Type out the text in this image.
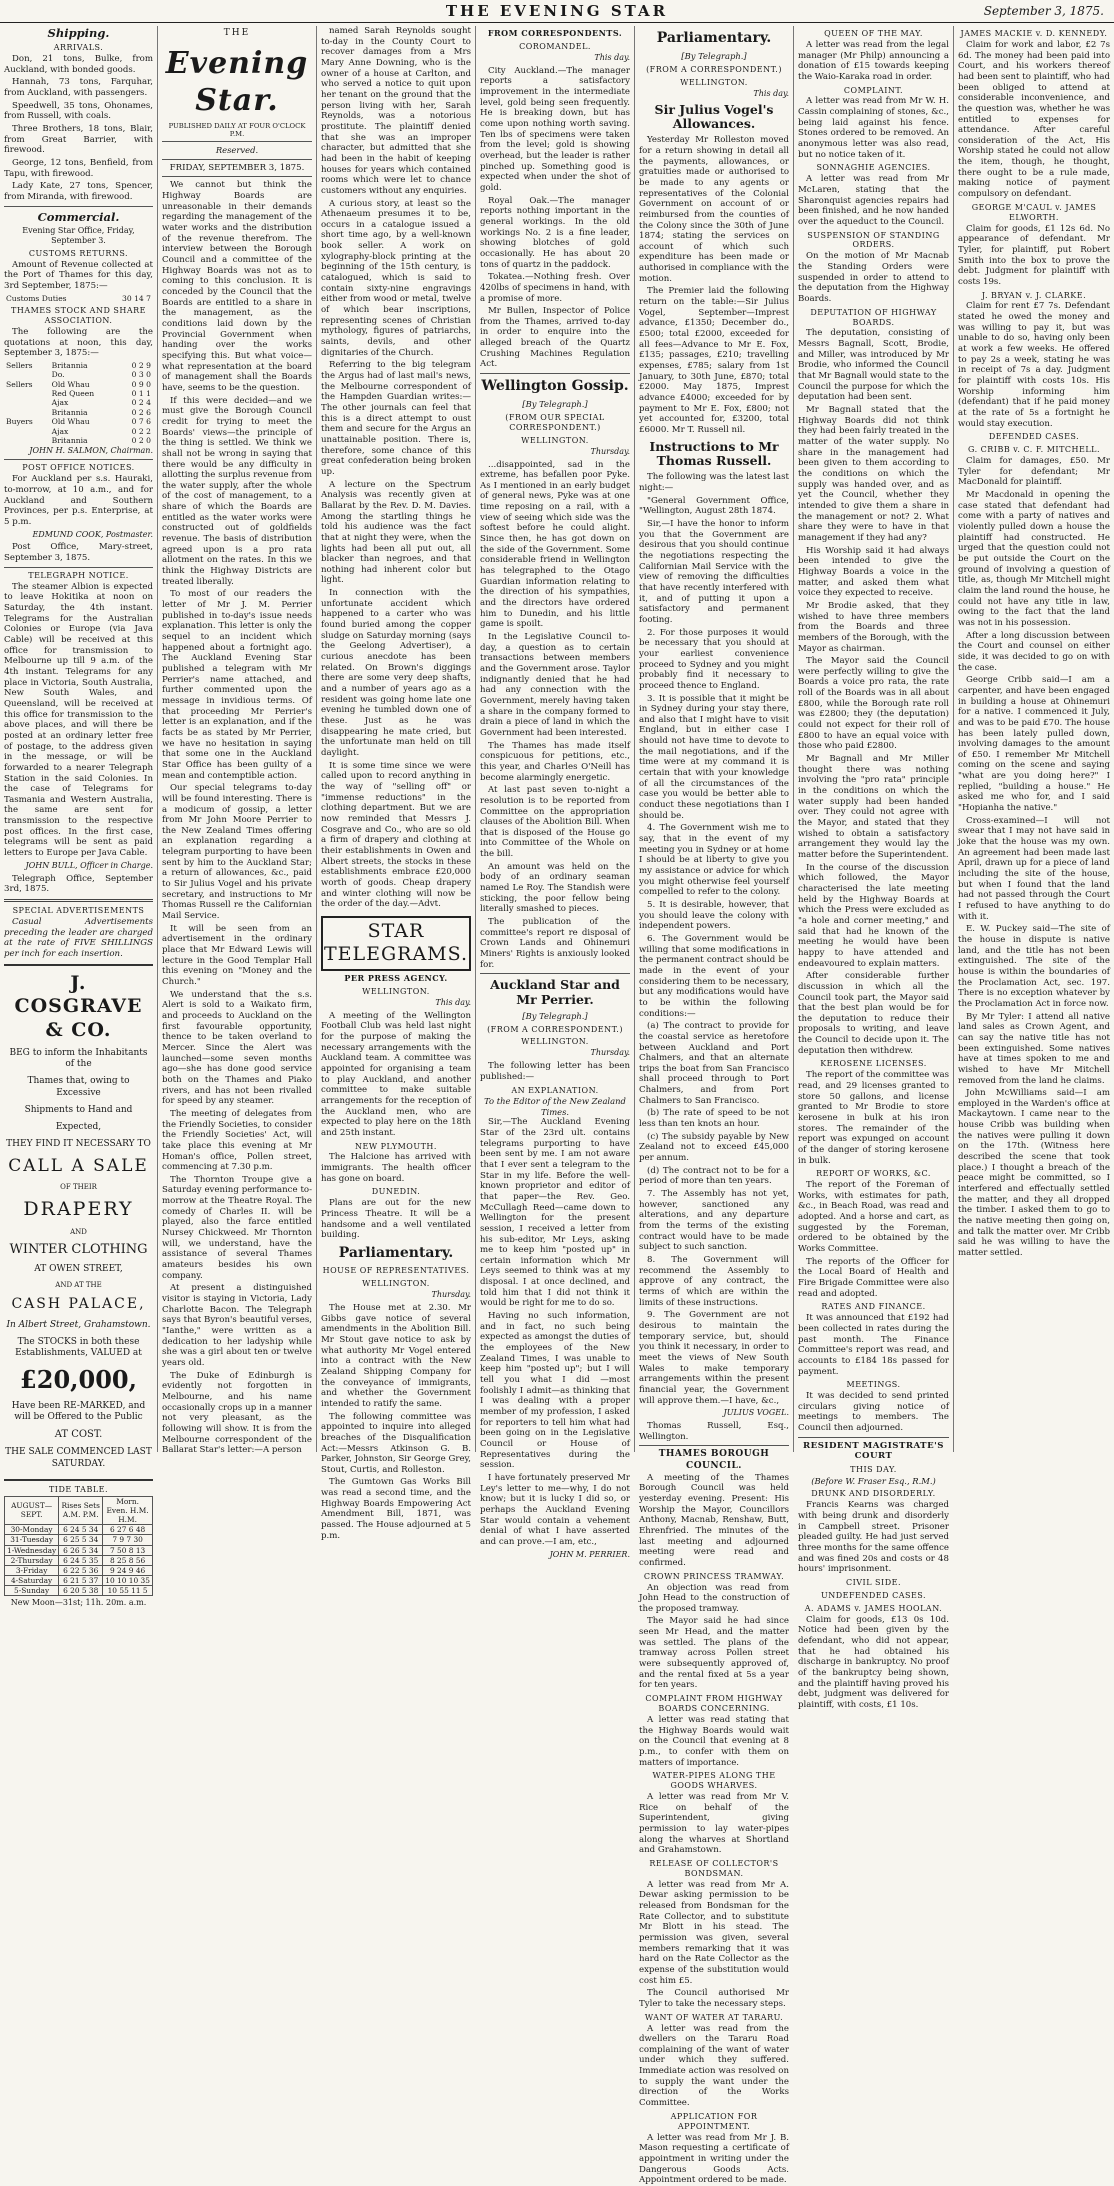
THE EVENING STAR	September 3, 1875.
Shipping.
ARRIVALS.
Don, 21 tons, Bulke, from Auckland, with bonded goods.
Hannah, 73 tons, Farquhar, from Auckland, with passengers.
Speedwell, 35 tons, Ohonames, from Russell, with coals.
Three Brothers, 18 tons, Blair, from Great Barrier, with firewood.
George, 12 tons, Benfield, from Tapu, with firewood.
Lady Kate, 27 tons, Spencer, from Miranda, with firewood.
Commercial.
Evening Star Office, Friday, September 3.
CUSTOMS RETURNS.
Amount of Revenue collected at the Port of Thames for this day, 3rd September, 1875:—
Customs Duties	30 14 7
THAMES STOCK AND SHARE ASSOCIATION.
The following are the quotations at noon, this day, September 3, 1875:—
Sellers	Britannia	0 2 9
	Do.	0 3 0
Sellers	Old Whau	0 9 0
	Red Queen	0 1 1
	Ajax	0 2 4
	Britannia	0 2 6
Buyers	Old Whau	0 7 6
	Ajax	0 2 2
	Britannia	0 2 0
JOHN H. SALMON, Chairman.
POST OFFICE NOTICES.
For Auckland per s.s. Hauraki, to-morrow, at 10 a.m., and for Auckland and Southern Provinces, per p.s. Enterprise, at 5 p.m.
EDMUND COOK, Postmaster.
Post Office, Mary-street, September 3, 1875.
TELEGRAPH NOTICE.
The steamer Albion is expected to leave Hokitika at noon on Saturday, the 4th instant. Telegrams for the Australian Colonies or Europe (via Java Cable) will be received at this office for transmission to Melbourne up till 9 a.m. of the 4th instant. Telegrams for any place in Victoria, South Australia, New South Wales, and Queensland, will be received at this office for transmission to the above places, and will there be posted at an ordinary letter free of postage, to the address given in the message, or will be forwarded to a nearer Telegraph Station in the said Colonies. In the case of Telegrams for Tasmania and Western Australia, the same are sent for transmission to the respective post offices. In the first case, telegrams will be sent as paid letters to Europe per Java Cable.
JOHN BULL, Officer in Charge.
Telegraph Office, September 3rd, 1875.
SPECIAL ADVERTISEMENTS
Casual Advertisements preceding the leader are charged at the rate of FIVE SHILLINGS per inch for each insertion.
J. COSGRAVE & CO.
BEG to inform the Inhabitants of the
Thames that, owing to Excessive
Shipments to Hand and
Expected,
THEY FIND IT NECESSARY TO
CALL A SALE
OF THEIR
DRAPERY
AND
WINTER CLOTHING
AT OWEN STREET,
AND AT THE
CASH PALACE,
In Albert Street, Grahamstown.
The STOCKS in both these Establishments, VALUED at
£20,000,
Have been RE-MARKED, and will be Offered to the Public
AT COST.
THE SALE COMMENCED LAST SATURDAY.
TIDE TABLE.
AUGUST—SEPT.	Rises Sets A.M. P.M.	Morn. Even. H.M. H.M.
30-Monday	6 24 5 34	6 27 6 48
31-Tuesday	6 25 5 34	7 9 7 30
1-Wednesday	6 26 5 34	7 50 8 13
2-Thursday	6 24 5 35	8 25 8 56
3-Friday	6 22 5 36	9 24 9 46
4-Saturday	6 21 5 37	10 10 10 35
5-Sunday	6 20 5 38	10 55 11 5
New Moon—31st; 11h. 20m. a.m.
THE
Evening Star.
PUBLISHED DAILY AT FOUR O'CLOCK P.M.
Reserved.
FRIDAY, SEPTEMBER 3, 1875.

We cannot but think the Highway Boards are unreasonable in their demands regarding the management of the water works and the distribution of the revenue therefrom. The interview between the Borough Council and a committee of the Highway Boards was not as to coming to this conclusion. It is conceded by the Council that the Boards are entitled to a share in the management, as the conditions laid down by the Provincial Government when handing over the works specifying this. But what voice—what representation at the board of management shall the Boards have, seems to be the question.

If this were decided—and we must give the Borough Council credit for trying to meet the Boards' views—the principle of the thing is settled. We think we shall not be wrong in saying that there would be any difficulty in allotting the surplus revenue from the water supply, after the whole of the cost of management, to a share of which the Boards are entitled as the water works were constructed out of goldfields revenue. The basis of distribution agreed upon is a pro rata allotment on the rates. In this we think the Highway Districts are treated liberally.

To most of our readers the letter of Mr J. M. Perrier published in to-day's issue needs explanation. This letter is only the sequel to an incident which happened about a fortnight ago. The Auckland Evening Star published a telegram with Mr Perrier's name attached, and further commented upon the message in invidious terms. Of that proceeding Mr Perrier's letter is an explanation, and if the facts be as stated by Mr Perrier, we have no hesitation in saying that some one in the Auckland Star Office has been guilty of a mean and contemptible action.

Our special telegrams to-day will be found interesting. There is a modicum of gossip, a letter from Mr John Moore Perrier to the New Zealand Times offering an explanation regarding a telegram purporting to have been sent by him to the Auckland Star; a return of allowances, &c., paid to Sir Julius Vogel and his private secretary, and instructions to Mr Thomas Russell re the Californian Mail Service.

It will be seen from an advertisement in the ordinary place that Mr Edward Lewis will lecture in the Good Templar Hall this evening on "Money and the Church."

We understand that the s.s. Alert is sold to a Waikato firm, and proceeds to Auckland on the first favourable opportunity, thence to be taken overland to Mercer. Since the Alert was launched—some seven months ago—she has done good service both on the Thames and Piako rivers, and has not been rivalled for speed by any steamer.

The meeting of delegates from the Friendly Societies, to consider the Friendly Societies' Act, will take place this evening at Mr Homan's office, Pollen street, commencing at 7.30 p.m.

The Thornton Troupe give a Saturday evening performance to-morrow at the Theatre Royal. The comedy of Charles II. will be played, also the farce entitled Nursey Chickweed. Mr Thornton will, we understand, have the assistance of several Thames amateurs besides his own company.

At present a distinguished visitor is staying in Victoria, Lady Charlotte Bacon. The Telegraph says that Byron's beautiful verses, "Ianthe," were written as a dedication to her ladyship while she was a girl about ten or twelve years old.

The Duke of Edinburgh is evidently not forgotten in Melbourne, and his name occasionally crops up in a manner not very pleasant, as the following will show. It is from the Melbourne correspondent of the Ballarat Star's letter:—A person

named Sarah Reynolds sought to-day in the County Court to recover damages from a Mrs Mary Anne Downing, who is the owner of a house at Carlton, and who served a notice to quit upon her tenant on the ground that the person living with her, Sarah Reynolds, was a notorious prostitute. The plaintiff denied that she was an improper character, but admitted that she had been in the habit of keeping houses for years which contained rooms which were let to chance customers without any enquiries.

A curious story, at least so the Athenaeum presumes it to be, occurs in a catalogue issued a short time ago, by a well-known book seller. A work on xylography-block printing at the beginning of the 15th century, is catalogued, which is said to contain sixty-nine engravings either from wood or metal, twelve of which bear inscriptions, representing scenes of Christian mythology, figures of patriarchs, saints, devils, and other dignitaries of the Church.

Referring to the big telegram the Argus had of last mail's news, the Melbourne correspondent of the Hampden Guardian writes:—The other journals can feel that this is a direct attempt to oust them and secure for the Argus an unattainable position. There is, therefore, some chance of this great confederation being broken up.

A lecture on the Spectrum Analysis was recently given at Ballarat by the Rev. D. M. Davies. Among the startling things he told his audience was the fact that at night they were, when the lights had been all put out, all blacker than negroes, and that nothing had inherent color but light.

In connection with the unfortunate accident which happened to a carter who was found buried among the copper sludge on Saturday morning (says the Geelong Advertiser), a curious anecdote has been related. On Brown's diggings there are some very deep shafts, and a number of years ago as a resident was going home late one evening he tumbled down one of these. Just as he was disappearing he mate cried, but the unfortunate man held on till daylight.

It is some time since we were called upon to record anything in the way of "selling off" or "immense reductions" in the clothing department. But we are now reminded that Messrs J. Cosgrave and Co., who are so old a firm of drapery and clothing at their establishments in Owen and Albert streets, the stocks in these establishments embrace £20,000 worth of goods. Cheap drapery and winter clothing will now be the order of the day.—Advt.

STAR TELEGRAMS.
PER PRESS AGENCY.
WELLINGTON.
This day.

A meeting of the Wellington Football Club was held last night for the purpose of making the necessary arrangements with the Auckland team. A committee was appointed for organising a team to play Auckland, and another committee to make suitable arrangements for the reception of the Auckland men, who are expected to play here on the 18th and 25th instant.

NEW PLYMOUTH.

The Halcione has arrived with immigrants. The health officer has gone on board.

DUNEDIN.

Plans are out for the new Princess Theatre. It will be a handsome and a well ventilated building.

Parliamentary.
HOUSE OF REPRESENTATIVES.
WELLINGTON.
Thursday.

The House met at 2.30. Mr Gibbs gave notice of several amendments in the Abolition Bill. Mr Stout gave notice to ask by what authority Mr Vogel entered into a contract with the New Zealand Shipping Company for the conveyance of immigrants, and whether the Government intended to ratify the same.

The following committee was appointed to inquire into alleged breaches of the Disqualification Act:—Messrs Atkinson G. B. Parker, Johnston, Sir George Grey, Stout, Curtis, and Rolleston.

The Gumtown Gas Works Bill was read a second time, and the Highway Boards Empowering Act Amendment Bill, 1871, was passed. The House adjourned at 5 p.m.

FROM CORRESPONDENTS.
COROMANDEL.
This day.

City Auckland.—The manager reports a satisfactory improvement in the intermediate level, gold being seen frequently. He is breaking down, but has come upon nothing worth saving. Ten lbs of specimens were taken from the level; gold is showing overhead, but the leader is rather pinched up. Something good is expected when under the shot of gold.

Royal Oak.—The manager reports nothing important in the general workings. In the old workings No. 2 is a fine leader, showing blotches of gold occasionally. He has about 20 tons of quartz in the paddock.

Tokatea.—Nothing fresh. Over 420lbs of specimens in hand, with a promise of more.

Mr Bullen, Inspector of Police from the Thames, arrived to-day in order to enquire into the alleged breach of the Quartz Crushing Machines Regulation Act.

Wellington Gossip.
[By Telegraph.]
(FROM OUR SPECIAL CORRESPONDENT.)
WELLINGTON.
Thursday.

...disappointed, sad in the extreme, has befallen poor Pyke. As I mentioned in an early budget of general news, Pyke was at one time reposing on a rail, with a view of seeing which side was the softest before he could alight. Since then, he has got down on the side of the Government. Some considerable friend in Wellington has telegraphed to the Otago Guardian information relating to the direction of his sympathies, and the directors have ordered him to Dunedin, and his little game is spoilt.

In the Legislative Council to-day, a question as to certain transactions between members and the Government arose. Taylor indignantly denied that he had had any connection with the Government, merely having taken a share in the company formed to drain a piece of land in which the Government had been interested.

The Thames has made itself conspicuous for petitions, etc., this year, and Charles O'Neill has become alarmingly energetic.

At last past seven to-night a resolution is to be reported from Committee on the appropriation clauses of the Abolition Bill. When that is disposed of the House go into Committee of the Whole on the bill.

An amount was held on the body of an ordinary seaman named Le Roy. The Standish were sticking, the poor fellow being literally smashed to pieces.

The publication of the committee's report re disposal of Crown Lands and Ohinemuri Miners' Rights is anxiously looked for.

Auckland Star and Mr Perrier.
[By Telegraph.]
(FROM A CORRESPONDENT.)
WELLINGTON.
Thursday.

The following letter has been published:—

AN EXPLANATION.
To the Editor of the New Zealand Times.

Sir,—The Auckland Evening Star of the 23rd ult. contains telegrams purporting to have been sent by me. I am not aware that I ever sent a telegram to the Star in my life. Before the well-known proprietor and editor of that paper—the Rev. Geo. McCullagh Reed—came down to Wellington for the present session, I received a letter from his sub-editor, Mr Leys, asking me to keep him "posted up" in certain information which Mr Leys seemed to think was at my disposal. I at once declined, and told him that I did not think it would be right for me to do so.

Having no such information, and in fact, no such being expected as amongst the duties of the employees of the New Zealand Times, I was unable to keep him "posted up"; but I will tell you what I did —most foolishly I admit—as thinking that I was dealing with a proper member of my profession, I asked for reporters to tell him what had been going on in the Legislative Council or House of Representatives during the session.

I have fortunately preserved Mr Ley's letter to me—why, I do not know; but it is lucky I did so, or perhaps the Auckland Evening Star would contain a vehement denial of what I have asserted and can prove.—I am, etc.,

JOHN M. PERRIER.
Parliamentary.
[By Telegraph.]
(FROM A CORRESPONDENT.)
WELLINGTON.
This day.
Sir Julius Vogel's Allowances.

Yesterday Mr Rolleston moved for a return showing in detail all the payments, allowances, or gratuities made or authorised to be made to any agents or representatives of the Colonial Government on account of or reimbursed from the counties of the Colony since the 30th of June 1874; stating the services on account of which such expenditure has been made or authorised in compliance with the motion.

The Premier laid the following return on the table:—Sir Julius Vogel, September—Imprest advance, £1350; December do., £500; total £2000, exceeded for all fees—Advance to Mr E. Fox, £135; passages, £210; travelling expenses, £785; salary from 1st January, to 30th June, £870; total £2000. May 1875, Imprest advance £4000; exceeded for by payment to Mr E. Fox, £800; not yet accounted for, £3200, total £6000. Mr T. Russell nil.

Instructions to Mr Thomas Russell.

The following was the latest last night:—

"General Government Office, "Wellington, August 28th 1874.

Sir,—I have the honor to inform you that the Government are desirous that you should continue the negotiations respecting the Californian Mail Service with the view of removing the difficulties that have recently interfered with it, and of putting it upon a satisfactory and permanent footing.

2. For those purposes it would be necessary that you should at your earliest convenience proceed to Sydney and you might probably find it necessary to proceed thence to England.

3. It is possible that it might be in Sydney during your stay there, and also that I might have to visit England, but in either case I should not have time to devote to the mail negotiations, and if the time were at my command it is certain that with your knowledge of all the circumstances of the case you would be better able to conduct these negotiations than I should be.

4. The Government wish me to say, that in the event of my meeting you in Sydney or at home I should be at liberty to give you my assistance or advice for which you might otherwise feel yourself compelled to refer to the colony.

5. It is desirable, however, that you should leave the colony with independent powers.

6. The Government would be willing that some modifications in the permanent contract should be made in the event of your considering them to be necessary, but any modifications would have to be within the following conditions:—

(a) The contract to provide for the coastal service as heretofore between Auckland and Port Chalmers, and that an alternate trips the boat from San Francisco shall proceed through to Port Chalmers, and from Port Chalmers to San Francisco.

(b) The rate of speed to be not less than ten knots an hour.

(c) The subsidy payable by New Zealand not to exceed £45,000 per annum.

(d) The contract not to be for a period of more than ten years.

7. The Assembly has not yet, however, sanctioned any alterations, and any departure from the terms of the existing contract would have to be made subject to such sanction.

8. The Government will recommend the Assembly to approve of any contract, the terms of which are within the limits of these instructions.

9. The Government are not desirous to maintain the temporary service, but, should you think it necessary, in order to meet the views of New South Wales to make temporary arrangements within the present financial year, the Government will approve them.—I have, &c.,

JULIUS VOGEL.

Thomas Russell, Esq., Wellington.

THAMES BOROUGH COUNCIL.

A meeting of the Thames Borough Council was held yesterday evening. Present: His Worship the Mayor, Councillors Anthony, Macnab, Renshaw, Butt, Ehrenfried. The minutes of the last meeting and adjourned meeting were read and confirmed.

CROWN PRINCESS TRAMWAY.

An objection was read from John Head to the construction of the proposed tramway.

The Mayor said he had since seen Mr Head, and the matter was settled. The plans of the tramway across Pollen street were subsequently approved of, and the rental fixed at 5s a year for ten years.

COMPLAINT FROM HIGHWAY BOARDS CONCERNING.

A letter was read stating that the Highway Boards would wait on the Council that evening at 8 p.m., to confer with them on matters of importance.

WATER-PIPES ALONG THE GOODS WHARVES.

A letter was read from Mr V. Rice on behalf of the Superintendent, giving permission to lay water-pipes along the wharves at Shortland and Grahamstown.

RELEASE OF COLLECTOR'S BONDSMAN.

A letter was read from Mr A. Dewar asking permission to be released from Bondsman for the Rate Collector, and to substitute Mr Blott in his stead. The permission was given, several members remarking that it was hard on the Rate Collector as the expense of the substitution would cost him £5.

The Council authorised Mr Tyler to take the necessary steps.

WANT OF WATER AT TARARU.

A letter was read from the dwellers on the Tararu Road complaining of the want of water under which they suffered. Immediate action was resolved on to supply the want under the direction of the Works Committee.

APPLICATION FOR APPOINTMENT.

A letter was read from Mr J. B. Mason requesting a certificate of appointment in writing under the Dangerous Goods Acts. Appointment ordered to be made.

QUEEN OF THE MAY.

A letter was read from the legal manager (Mr Philp) announcing a donation of £15 towards keeping the Waio-Karaka road in order.

COMPLAINT.

A letter was read from Mr W. H. Cassin complaining of stones, &c., being laid against his fence. Stones ordered to be removed. An anonymous letter was also read, but no notice taken of it.

SONNAGHIE AGENCIES.

A letter was read from Mr McLaren, stating that the Sharonquist agencies repairs had been finished, and he now handed over the aqueduct to the Council.

SUSPENSION OF STANDING ORDERS.

On the motion of Mr Macnab the Standing Orders were suspended in order to attend to the deputation from the Highway Boards.

DEPUTATION OF HIGHWAY BOARDS.

The deputation, consisting of Messrs Bagnall, Scott, Brodie, and Miller, was introduced by Mr Brodie, who informed the Council that Mr Bagnall would state to the Council the purpose for which the deputation had been sent.

Mr Bagnall stated that the Highway Boards did not think they had been fairly treated in the matter of the water supply. No share in the management had been given to them according to the conditions on which the supply was handed over, and as yet the Council, whether they intended to give them a share in the management or not? 2. What share they were to have in that management if they had any?

His Worship said it had always been intended to give the Highway Boards a voice in the matter, and asked them what voice they expected to receive.

Mr Brodie asked, that they wished to have three members from the Boards and three members of the Borough, with the Mayor as chairman.

The Mayor said the Council were perfectly willing to give the Boards a voice pro rata, the rate roll of the Boards was in all about £800, while the Borough rate roll was £2800; they (the deputation) could not expect for their roll of £800 to have an equal voice with those who paid £2800.

Mr Bagnall and Mr Miller thought there was nothing involving the "pro rata" principle in the conditions on which the water supply had been handed over. They could not agree with the Mayor, and stated that they wished to obtain a satisfactory arrangement they would lay the matter before the Superintendent.

In the course of the discussion which followed, the Mayor characterised the late meeting held by the Highway Boards at which the Press were excluded as "a hole and corner meeting," and said that had he known of the meeting he would have been happy to have attended and endeavoured to explain matters.

After considerable further discussion in which all the Council took part, the Mayor said that the best plan would be for the deputation to reduce their proposals to writing, and leave the Council to decide upon it. The deputation then withdrew.

KEROSENE LICENSES.

The report of the committee was read, and 29 licenses granted to store 50 gallons, and license granted to Mr Brodie to store kerosene in bulk at his iron stores. The remainder of the report was expunged on account of the danger of storing kerosene in bulk.

REPORT OF WORKS, &C.

The report of the Foreman of Works, with estimates for path, &c., in Beach Road, was read and adopted. And a horse and cart, as suggested by the Foreman, ordered to be obtained by the Works Committee.

The reports of the Officer for the Local Board of Health and Fire Brigade Committee were also read and adopted.

RATES AND FINANCE.

It was announced that £192 had been collected in rates during the past month. The Finance Committee's report was read, and accounts to £184 18s passed for payment.

MEETINGS.

It was decided to send printed circulars giving notice of meetings to members. The Council then adjourned.

RESIDENT MAGISTRATE'S COURT
THIS DAY.
(Before W. Fraser Esq., R.M.)
DRUNK AND DISORDERLY.

Francis Kearns was charged with being drunk and disorderly in Campbell street. Prisoner pleaded guilty. He had just served three months for the same offence and was fined 20s and costs or 48 hours' imprisonment.

CIVIL SIDE.
UNDEFENDED CASES.
A. ADAMS v. JAMES HOOLAN.

Claim for goods, £13 0s 10d. Notice had been given by the defendant, who did not appear, that he had obtained his discharge in bankruptcy. No proof of the bankruptcy being shown, and the plaintiff having proved his debt, judgment was delivered for plaintiff, with costs, £1 10s.

JAMES MACKIE v. D. KENNEDY.

Claim for work and labor, £2 7s 6d. The money had been paid into Court, and his workers thereof had been sent to plaintiff, who had been obliged to attend at considerable inconvenience, and the question was, whether he was entitled to expenses for attendance. After careful consideration of the Act, His Worship stated he could not allow the item, though, he thought, there ought to be a rule made, making notice of payment compulsory on defendant.

GEORGE M'CAUL v. JAMES ELWORTH.

Claim for goods, £1 12s 6d. No appearance of defendant. Mr Tyler, for plaintiff, put Robert Smith into the box to prove the debt. Judgment for plaintiff with costs 19s.

J. BRYAN v. J. CLARKE.

Claim for rent £7 7s. Defendant stated he owed the money and was willing to pay it, but was unable to do so, having only been at work a few weeks. He offered to pay 2s a week, stating he was in receipt of 7s a day. Judgment for plaintiff with costs 10s. His Worship informing him (defendant) that if he paid money at the rate of 5s a fortnight he would stay execution.

DEFENDED CASES.
G. CRIBB v. C. F. MITCHELL.

Claim for damages, £50. Mr Tyler for defendant; Mr MacDonald for plaintiff.

Mr Macdonald in opening the case stated that defendant had come with a party of natives and violently pulled down a house the plaintiff had constructed. He urged that the question could not be put outside the Court on the ground of involving a question of title, as, though Mr Mitchell might claim the land round the house, he could not have any title in law, owing to the fact that the land was not in his possession.

After a long discussion between the Court and counsel on either side, it was decided to go on with the case.

George Cribb said—I am a carpenter, and have been engaged in building a house at Ohinemuri for a native. I commenced it July, and was to be paid £70. The house has been lately pulled down, involving damages to the amount of £50. I remember Mr Mitchell coming on the scene and saying "what are you doing here?" I replied, "building a house." He asked me who for, and I said "Hopianha the native."

Cross-examined—I will not swear that I may not have said in joke that the house was my own. An agreement had been made last April, drawn up for a piece of land including the site of the house, but when I found that the land had not passed through the Court I refused to have anything to do with it.

E. W. Puckey said—The site of the house in dispute is native land, and the title has not been extinguished. The site of the house is within the boundaries of the Proclamation Act, sec. 197. There is no exception whatever by the Proclamation Act in force now.

By Mr Tyler: I attend all native land sales as Crown Agent, and can say the native title has not been extinguished. Some natives have at times spoken to me and wished to have Mr Mitchell removed from the land he claims.

John McWilliams said—I am employed in the Warden's office at Mackaytown. I came near to the house Cribb was building when the natives were pulling it down on the 17th. (Witness here described the scene that took place.) I thought a breach of the peace might be committed, so I interfered and effectually settled the matter, and they all dropped the timber. I asked them to go to the native meeting then going on, and talk the matter over. Mr Cribb said he was willing to have the matter settled.
